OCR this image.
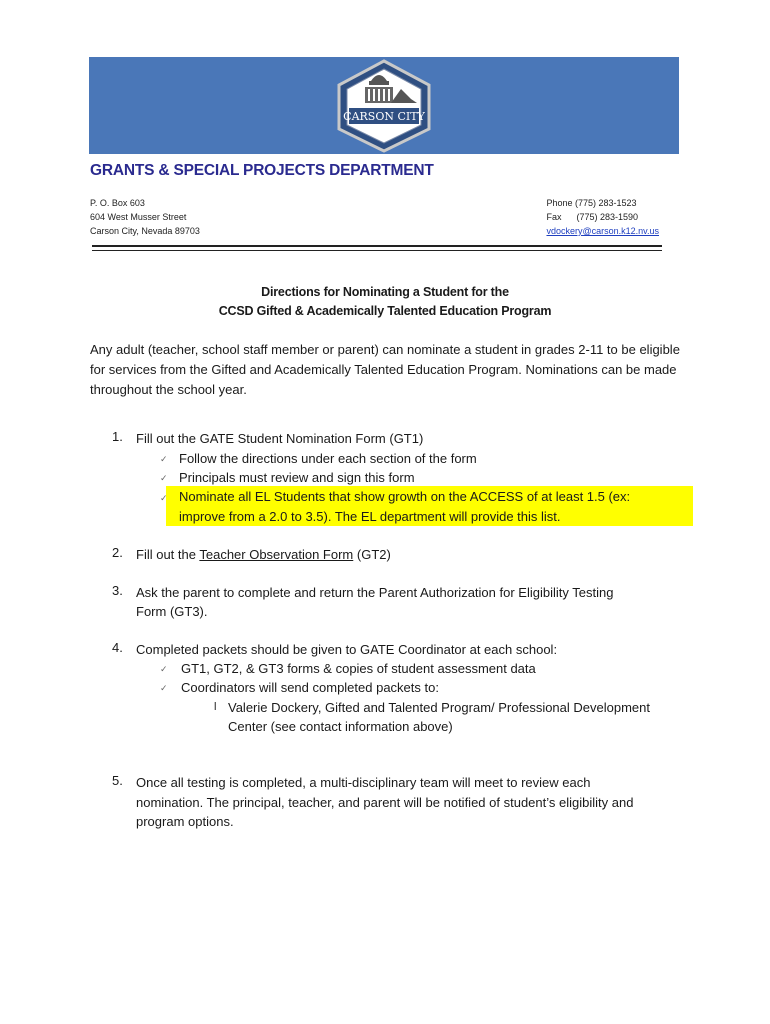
CARSON CITY
GRANTS & SPECIAL PROJECTS DEPARTMENT
P. O. Box 603
604 West Musser Street
Carson City, Nevada 89703
Phone
(775) 283-1523
Fax	(775) 283-1590
vdockery@carson.k12.nv.us
Directions for Nominating a Student for the
CCSD Gifted & Academically Talented Education Program
Any adult (teacher, school staff member or parent) can nominate a student in grades 2-11 to be eligible for services from the Gifted and Academically Talented Education Program. Nominations can be made throughout the school year.
1. Fill out the GATE Student Nomination Form (GT1)
✓ Follow the directions under each section of the form
✓ Principals must review and sign this form
✓ Nominate all EL Students that show growth on the ACCESS of at least 1.5 (ex:
improve from a 2.0 to 3.5). The EL department will provide this list.
2. Fill out the Teacher Observation Form (GT2)
3. Ask the parent to complete and return the Parent Authorization for Eligibility Testing
Form (GT3).
4. Completed packets should be given to GATE Coordinator at each school:
✓ GT1, GT2, & GT3 forms & copies of student assessment data
✓ Coordinators will send completed packets to:
l Valerie Dockery, Gifted and Talented Program/ Professional Development
Center (see contact information above)
5. Once all testing is completed, a multi-disciplinary team will meet to review each
nomination. The principal, teacher, and parent will be notified of student’s eligibility and
program options.
